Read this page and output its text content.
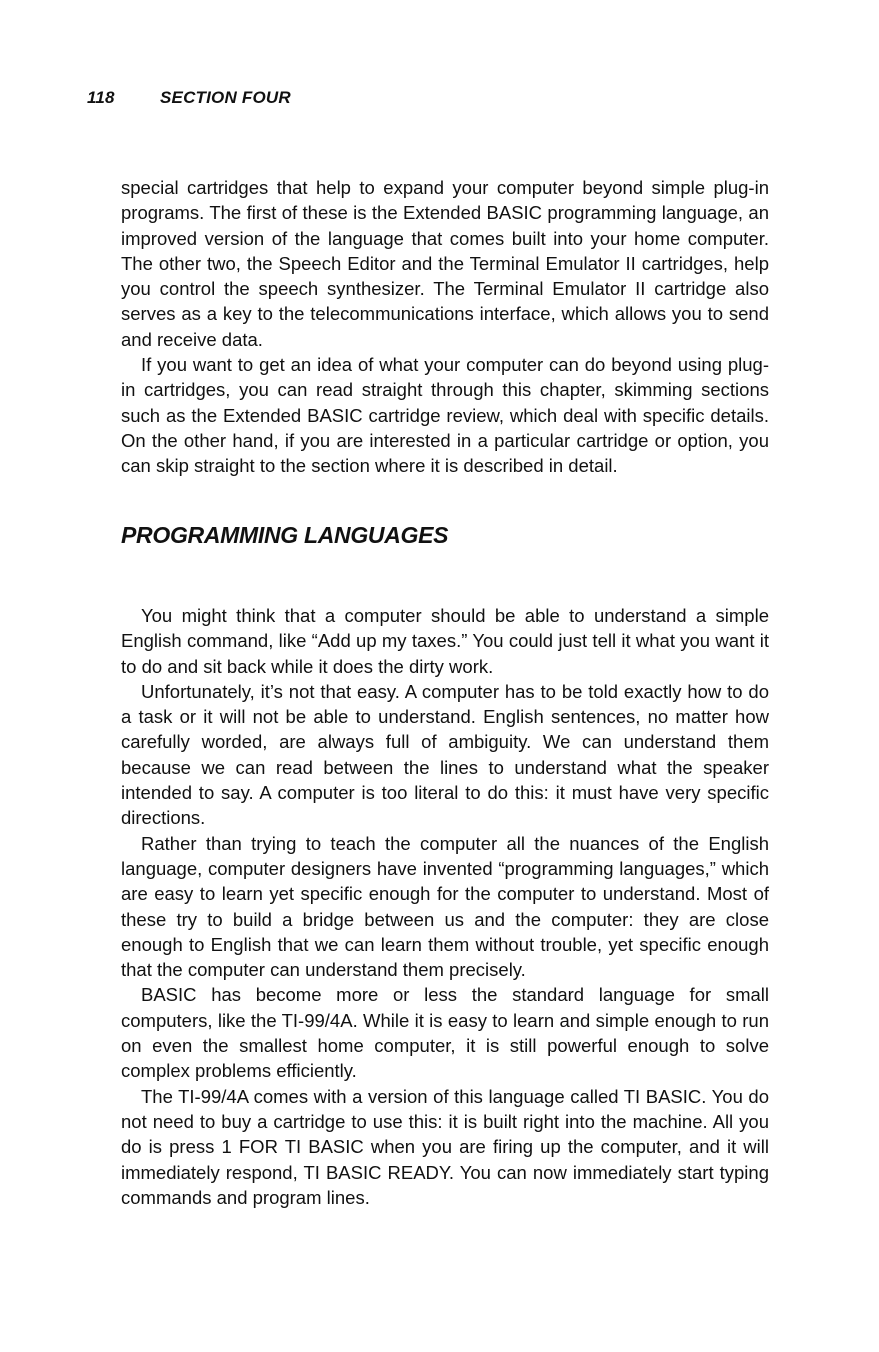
118	SECTION FOUR

special cartridges that help to expand your computer beyond simple plug-in programs. The first of these is the Extended BASIC programming language, an improved version of the language that comes built into your home computer. The other two, the Speech Editor and the Terminal Emulator II cartridges, help you control the speech synthesizer. The Terminal Emulator II cartridge also serves as a key to the telecommunications interface, which allows you to send and receive data.

If you want to get an idea of what your computer can do beyond using plug-in cartridges, you can read straight through this chapter, skimming sections such as the Extended BASIC cartridge review, which deal with specific details. On the other hand, if you are interested in a particular cartridge or option, you can skip straight to the section where it is described in detail.

PROGRAMMING LANGUAGES

You might think that a computer should be able to understand a simple English command, like “Add up my taxes.” You could just tell it what you want it to do and sit back while it does the dirty work.

Unfortunately, it’s not that easy. A computer has to be told exactly how to do a task or it will not be able to understand. English sentences, no matter how carefully worded, are always full of ambiguity. We can understand them because we can read between the lines to understand what the speaker intended to say. A computer is too literal to do this: it must have very specific directions.

Rather than trying to teach the computer all the nuances of the English language, computer designers have invented “programming languages,” which are easy to learn yet specific enough for the computer to understand. Most of these try to build a bridge between us and the computer: they are close enough to English that we can learn them without trouble, yet specific enough that the computer can understand them precisely.

BASIC has become more or less the standard language for small computers, like the TI-99/4A. While it is easy to learn and simple enough to run on even the smallest home computer, it is still powerful enough to solve complex problems efficiently.

The TI-99/4A comes with a version of this language called TI BASIC. You do not need to buy a cartridge to use this: it is built right into the machine. All you do is press 1 FOR TI BASIC when you are firing up the computer, and it will immediately respond, TI BASIC READY. You can now immediately start typing commands and program lines.
